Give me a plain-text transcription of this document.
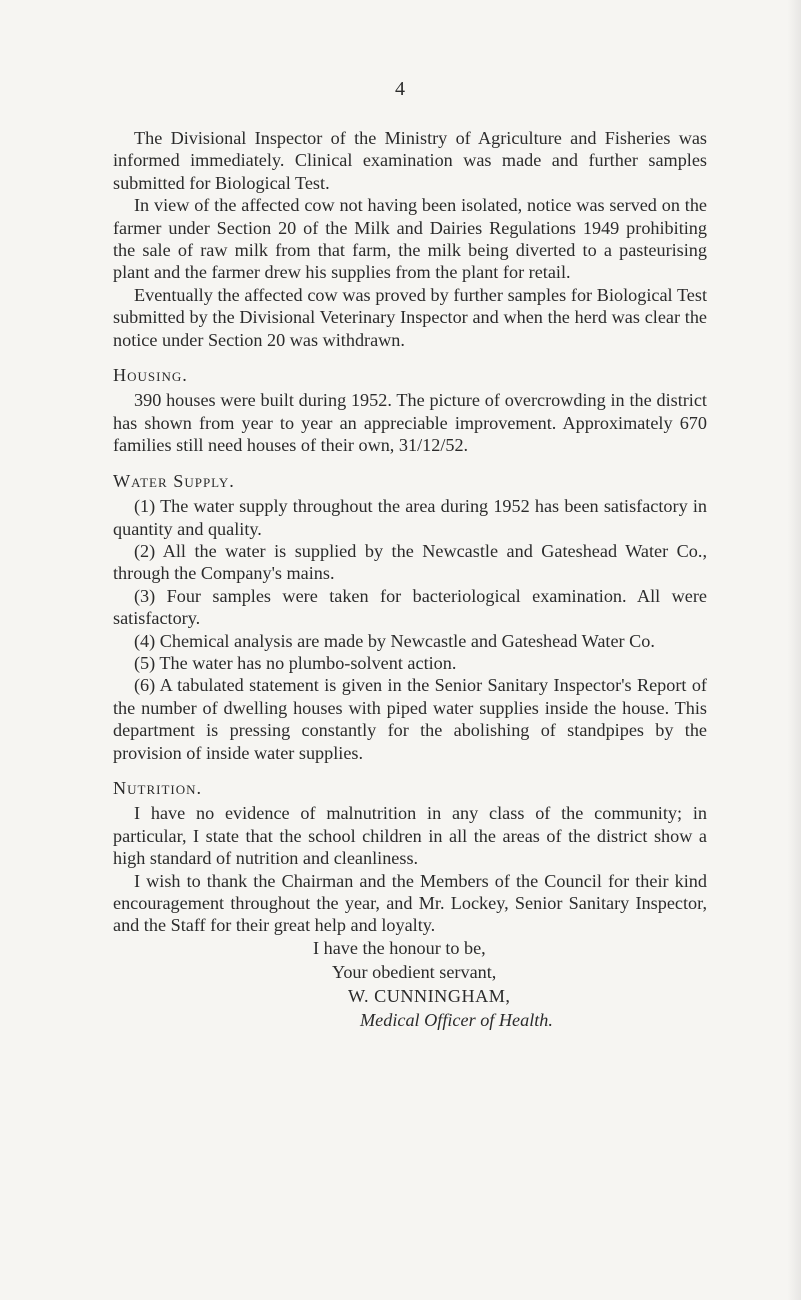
4

The Divisional Inspector of the Ministry of Agriculture and Fisheries was informed immediately. Clinical examination was made and further samples submitted for Biological Test.

In view of the affected cow not having been isolated, notice was served on the farmer under Section 20 of the Milk and Dairies Regulations 1949 prohibiting the sale of raw milk from that farm, the milk being diverted to a pasteurising plant and the farmer drew his supplies from the plant for retail.

Eventually the affected cow was proved by further samples for Biological Test submitted by the Divisional Veterinary Inspector and when the herd was clear the notice under Section 20 was withdrawn.

Housing.

390 houses were built during 1952. The picture of overcrowding in the district has shown from year to year an appreciable improvement. Approximately 670 families still need houses of their own, 31/12/52.

Water Supply.

(1) The water supply throughout the area during 1952 has been satisfactory in quantity and quality.

(2) All the water is supplied by the Newcastle and Gateshead Water Co., through the Company's mains.

(3) Four samples were taken for bacteriological examination. All were satisfactory.

(4) Chemical analysis are made by Newcastle and Gateshead Water Co.

(5) The water has no plumbo-solvent action.

(6) A tabulated statement is given in the Senior Sanitary Inspector's Report of the number of dwelling houses with piped water supplies inside the house. This department is pressing constantly for the abolishing of standpipes by the provision of inside water supplies.

Nutrition.

I have no evidence of malnutrition in any class of the community; in particular, I state that the school children in all the areas of the district show a high standard of nutrition and cleanliness.

I wish to thank the Chairman and the Members of the Council for their kind encouragement throughout the year, and Mr. Lockey, Senior Sanitary Inspector, and the Staff for their great help and loyalty.

I have the honour to be,
Your obedient servant,
W. CUNNINGHAM,
Medical Officer of Health.
